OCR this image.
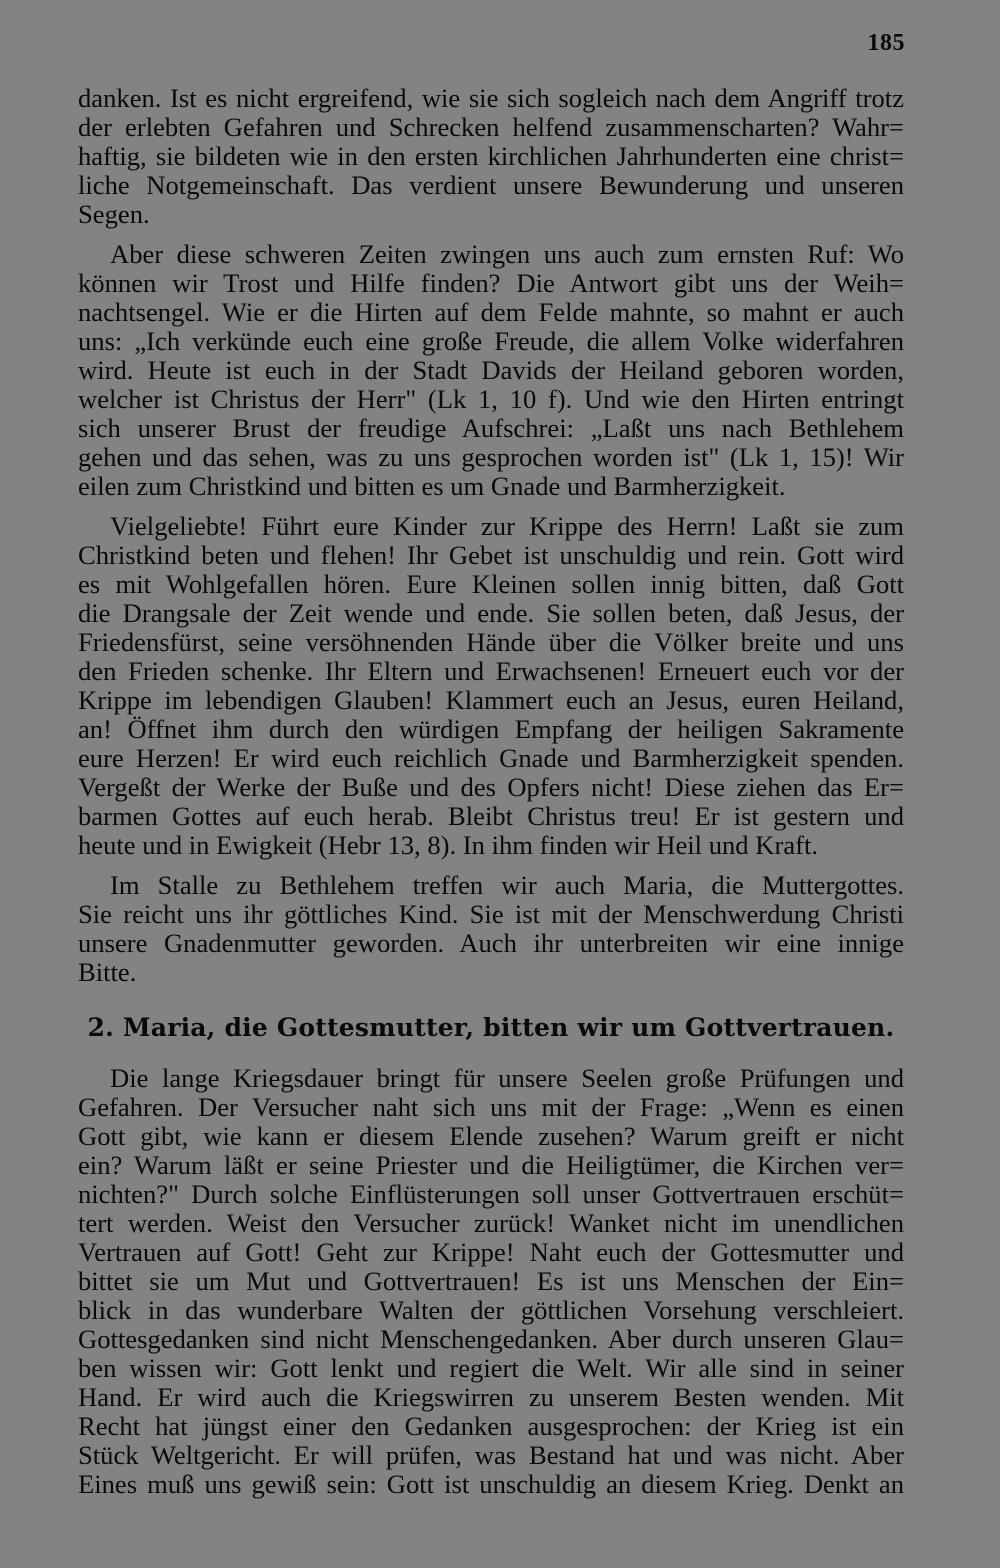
185

danken. Ist es nicht ergreifend, wie sie sich sogleich nach dem Angriff trotz
der erlebten Gefahren und Schrecken helfend zusammenscharten? Wahr=
haftig, sie bildeten wie in den ersten kirchlichen Jahrhunderten eine christ=
liche Notgemeinschaft. Das verdient unsere Bewunderung und unseren
Segen.

Aber diese schweren Zeiten zwingen uns auch zum ernsten Ruf: Wo
können wir Trost und Hilfe finden? Die Antwort gibt uns der Weih=
nachtsengel. Wie er die Hirten auf dem Felde mahnte, so mahnt er auch
uns: „Ich verkünde euch eine große Freude, die allem Volke widerfahren
wird. Heute ist euch in der Stadt Davids der Heiland geboren worden,
welcher ist Christus der Herr" (Lk 1, 10 f). Und wie den Hirten entringt
sich unserer Brust der freudige Aufschrei: „Laßt uns nach Bethlehem
gehen und das sehen, was zu uns gesprochen worden ist" (Lk 1, 15)! Wir
eilen zum Christkind und bitten es um Gnade und Barmherzigkeit.

Vielgeliebte! Führt eure Kinder zur Krippe des Herrn! Laßt sie zum
Christkind beten und flehen! Ihr Gebet ist unschuldig und rein. Gott wird
es mit Wohlgefallen hören. Eure Kleinen sollen innig bitten, daß Gott
die Drangsale der Zeit wende und ende. Sie sollen beten, daß Jesus, der
Friedensfürst, seine versöhnenden Hände über die Völker breite und uns
den Frieden schenke. Ihr Eltern und Erwachsenen! Erneuert euch vor der
Krippe im lebendigen Glauben! Klammert euch an Jesus, euren Heiland,
an! Öffnet ihm durch den würdigen Empfang der heiligen Sakramente
eure Herzen! Er wird euch reichlich Gnade und Barmherzigkeit spenden.
Vergeßt der Werke der Buße und des Opfers nicht! Diese ziehen das Er=
barmen Gottes auf euch herab. Bleibt Christus treu! Er ist gestern und
heute und in Ewigkeit (Hebr 13, 8). In ihm finden wir Heil und Kraft.

Im Stalle zu Bethlehem treffen wir auch Maria, die Muttergottes.
Sie reicht uns ihr göttliches Kind. Sie ist mit der Menschwerdung Christi
unsere Gnadenmutter geworden. Auch ihr unterbreiten wir eine innige
Bitte.

2. Maria, die Gottesmutter, bitten wir um Gottvertrauen.

Die lange Kriegsdauer bringt für unsere Seelen große Prüfungen und
Gefahren. Der Versucher naht sich uns mit der Frage: „Wenn es einen
Gott gibt, wie kann er diesem Elende zusehen? Warum greift er nicht
ein? Warum läßt er seine Priester und die Heiligtümer, die Kirchen ver=
nichten?" Durch solche Einflüsterungen soll unser Gottvertrauen erschüt=
tert werden. Weist den Versucher zurück! Wanket nicht im unendlichen
Vertrauen auf Gott! Geht zur Krippe! Naht euch der Gottesmutter und
bittet sie um Mut und Gottvertrauen! Es ist uns Menschen der Ein=
blick in das wunderbare Walten der göttlichen Vorsehung verschleiert.
Gottesgedanken sind nicht Menschengedanken. Aber durch unseren Glau=
ben wissen wir: Gott lenkt und regiert die Welt. Wir alle sind in seiner
Hand. Er wird auch die Kriegswirren zu unserem Besten wenden. Mit
Recht hat jüngst einer den Gedanken ausgesprochen: der Krieg ist ein
Stück Weltgericht. Er will prüfen, was Bestand hat und was nicht. Aber
Eines muß uns gewiß sein: Gott ist unschuldig an diesem Krieg. Denkt an
